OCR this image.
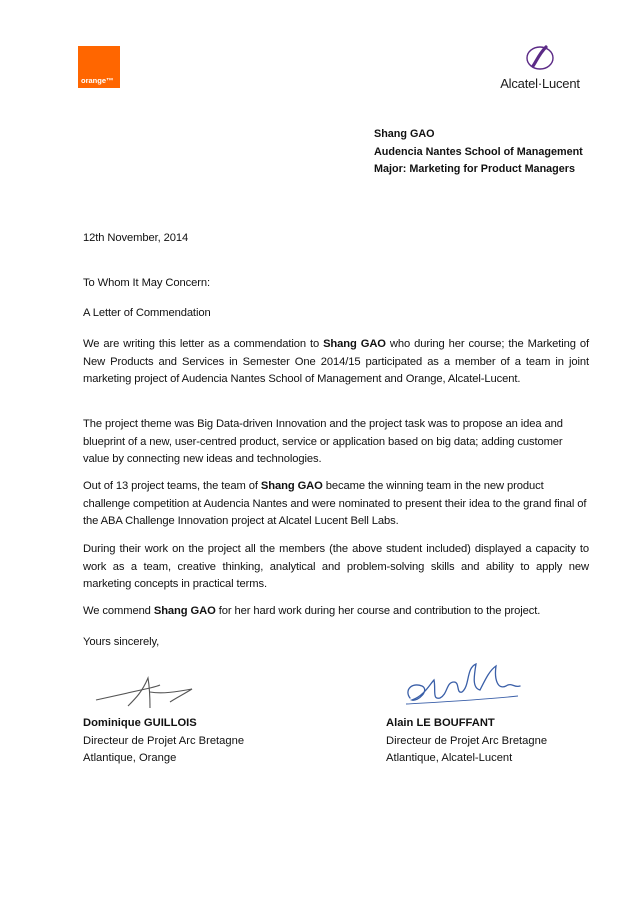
orange™	Alcatel·Lucent
Shang GAO
Audencia Nantes School of Management
Major: Marketing for Product Managers
12th November, 2014
To Whom It May Concern:
A Letter of Commendation
We are writing this letter as a commendation to Shang GAO who during her course; the Marketing of New Products and Services in Semester One 2014/15 participated as a member of a team in joint marketing project of Audencia Nantes School of Management and Orange, Alcatel-Lucent.
The project theme was Big Data-driven Innovation and the project task was to propose an idea and blueprint of a new, user-centred product, service or application based on big data; adding customer value by connecting new ideas and technologies.
Out of 13 project teams, the team of Shang GAO became the winning team in the new product challenge competition at Audencia Nantes and were nominated to present their idea to the grand final of the ABA Challenge Innovation project at Alcatel Lucent Bell Labs.
During their work on the project all the members (the above student included) displayed a capacity to work as a team, creative thinking, analytical and problem-solving skills and ability to apply new marketing concepts in practical terms.
We commend Shang GAO for her hard work during her course and contribution to the project.
Yours sincerely,
Dominique GUILLOIS
Directeur de Projet Arc Bretagne
Atlantique, Orange
Alain LE BOUFFANT
Directeur de Projet Arc Bretagne
Atlantique, Alcatel-Lucent
